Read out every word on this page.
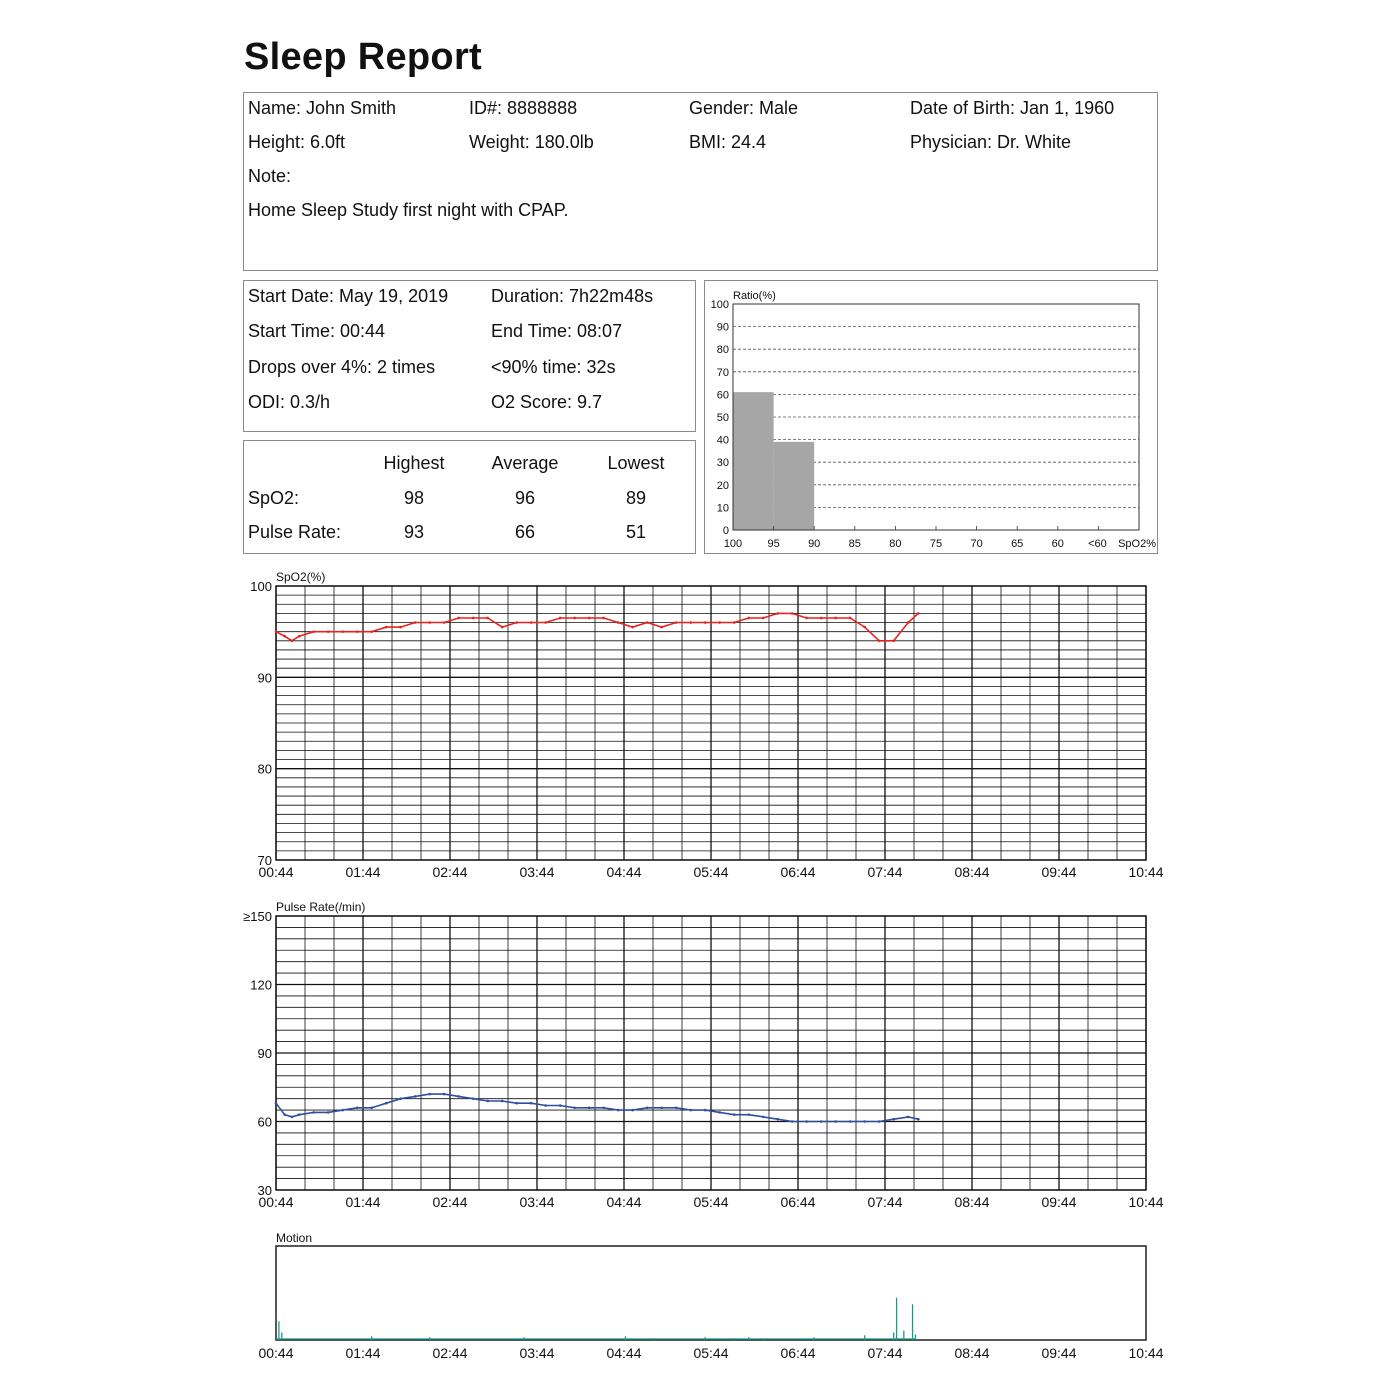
Sleep Report
Name: John Smith	ID#: 8888888	Gender: Male	Date of Birth: Jan 1, 1960
Height: 6.0ft	Weight: 180.0lb	BMI: 24.4	Physician: Dr. White
Note:
Home Sleep Study first night with CPAP.
Start Date: May 19, 2019 Duration: 7h22m48s
Start Time: 00:44	End Time: 08:07
Drops over 4%: 2 times	<90% time: 32s
ODI: 0.3/h	O2 Score: 9.7
Highest	Average	Lowest
SpO2:	98	96	89
Pulse Rate:	93	66	51	0
10
20
30
40
50
60
70
80
90
100
100 95	90	85	80	75	70	65	60 <60 SpO2%
Ratio(%)
70
80
90
100
SpO2(%)
00:44	01:44	02:44	03:44	04:44	05:44	06:44	07:44	08:44	09:44	10:44
30
60
90
120
≥150
Pulse Rate(/min)
00:44	01:44	02:44	03:44	04:44	05:44	06:44	07:44	08:44	09:44	10:44
Motion
00:44	01:44	02:44	03:44	04:44	05:44	06:44	07:44	08:44	09:44	10:44
